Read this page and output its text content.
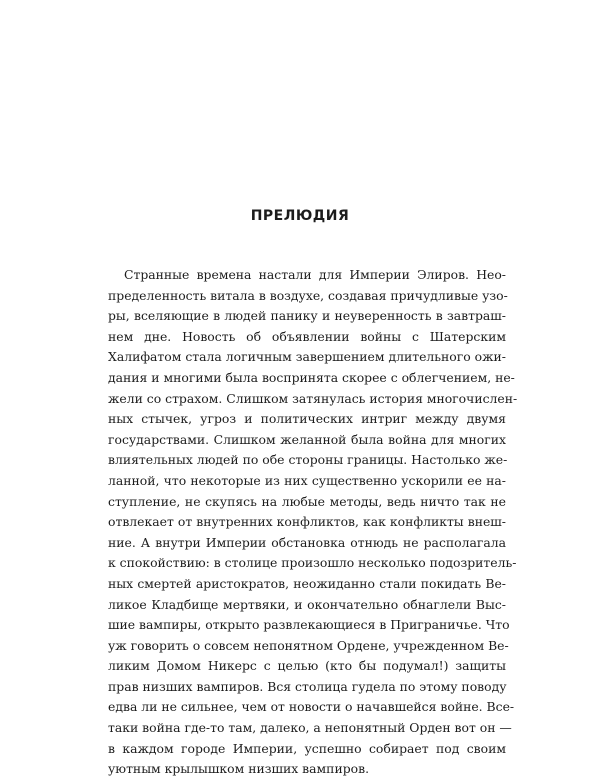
ПРЕЛЮДИЯ
Странные времена настали для Империи Элиров. Нео-
пределенность витала в воздухе, создавая причудливые узо-
ры, вселяющие в людей панику и неуверенность в завтраш-
нем дне. Новость об объявлении войны с Шатерским
Халифатом стала логичным завершением длительного ожи-
дания и многими была воспринята скорее с облегчением, не-
жели со страхом. Слишком затянулась история многочислен-
ных стычек, угроз и политических интриг между двумя
государствами. Слишком желанной была война для многих
влиятельных людей по обе стороны границы. Настолько же-
ланной, что некоторые из них существенно ускорили ее на-
ступление, не скупясь на любые методы, ведь ничто так не
отвлекает от внутренних конфликтов, как конфликты внеш-
ние. А внутри Империи обстановка отнюдь не располагала
к спокойствию: в столице произошло несколько подозритель-
ных смертей аристократов, неожиданно стали покидать Ве-
ликое Кладбище мертвяки, и окончательно обнаглели Выс-
шие вампиры, открыто развлекающиеся в Приграничье. Что
уж говорить о совсем непонятном Ордене, учрежденном Ве-
ликим Домом Никерс с целью (кто бы подумал!) защиты
прав низших вампиров. Вся столица гудела по этому поводу
едва ли не сильнее, чем от новости о начавшейся войне. Все-
таки война где-то там, далеко, а непонятный Орден вот он —
в каждом городе Империи, успешно собирает под своим
уютным крылышком низших вампиров.
